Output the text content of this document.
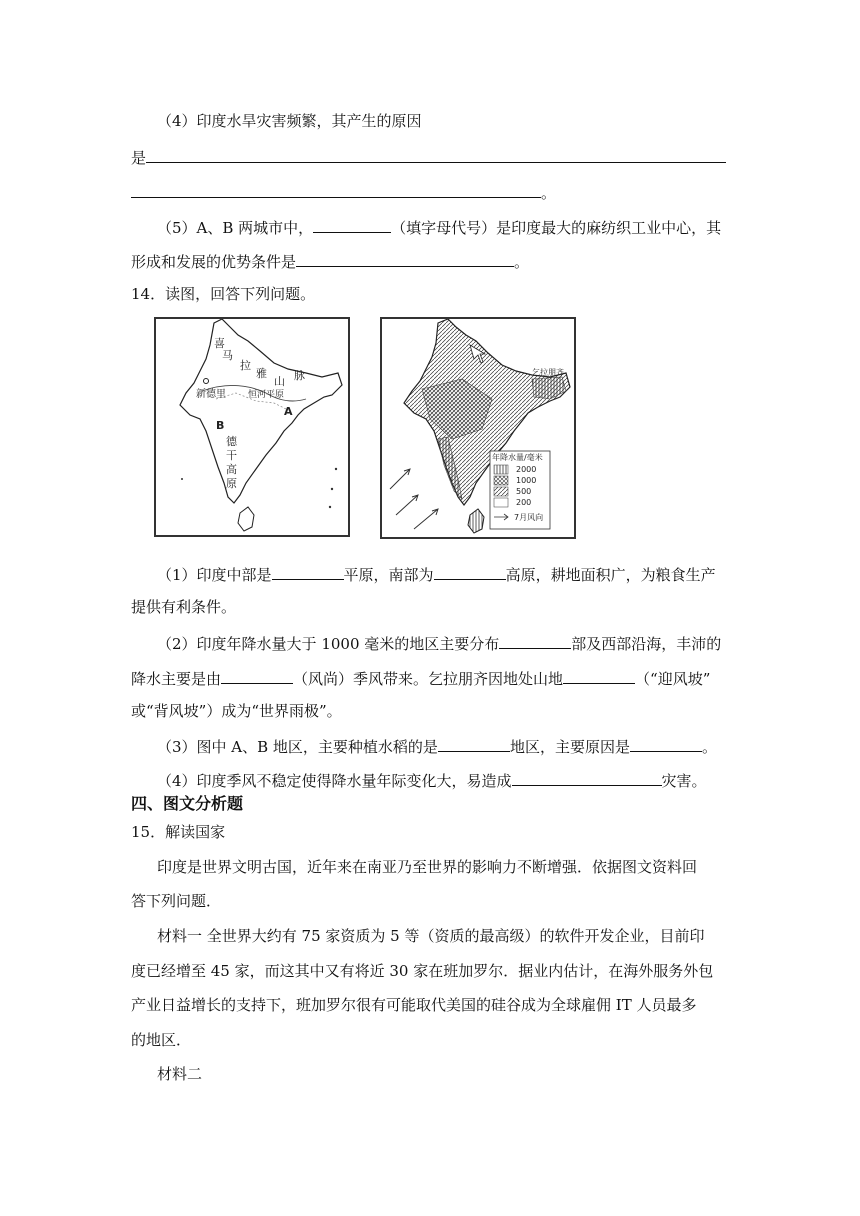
（4）印度水旱灾害频繁，其产生的原因
是
。
（5）A、B 两城市中，	（填字母代号）是印度最大的麻纺织工业中心，其
形成和发展的优势条件是	。
14．读图，回答下列问题。
喜
马
拉
雅
山 脉
新德里 恒河平原
A
B
德
干
高
原
乞拉朋齐
年降水量/毫米
2000
1000
500
200
7月风向
（1）印度中部是	平原，南部为	高原，耕地面积广，为粮食生产
提供有利条件。
（2）印度年降水量大于 1000 毫米的地区主要分布	部及西部沿海，丰沛的
降水主要是由	（风尚）季风带来。乞拉朋齐因地处山地	（“迎风坡”
或“背风坡”）成为“世界雨极”。
（3）图中 A、B 地区，主要种植水稻的是	地区，主要原因是	。
（4）印度季风不稳定使得降水量年际变化大，易造成	灾害。
四、图文分析题
15．解读国家
印度是世界文明古国，近年来在南亚乃至世界的影响力不断增强．依据图文资料回
答下列问题．
材料一 全世界大约有 75 家资质为 5 等（资质的最高级）的软件开发企业，目前印
度已经增至 45 家，而这其中又有将近 30 家在班加罗尔．据业内估计，在海外服务外包
产业日益增长的支持下，班加罗尔很有可能取代美国的硅谷成为全球雇佣 IT 人员最多
的地区．
材料二
